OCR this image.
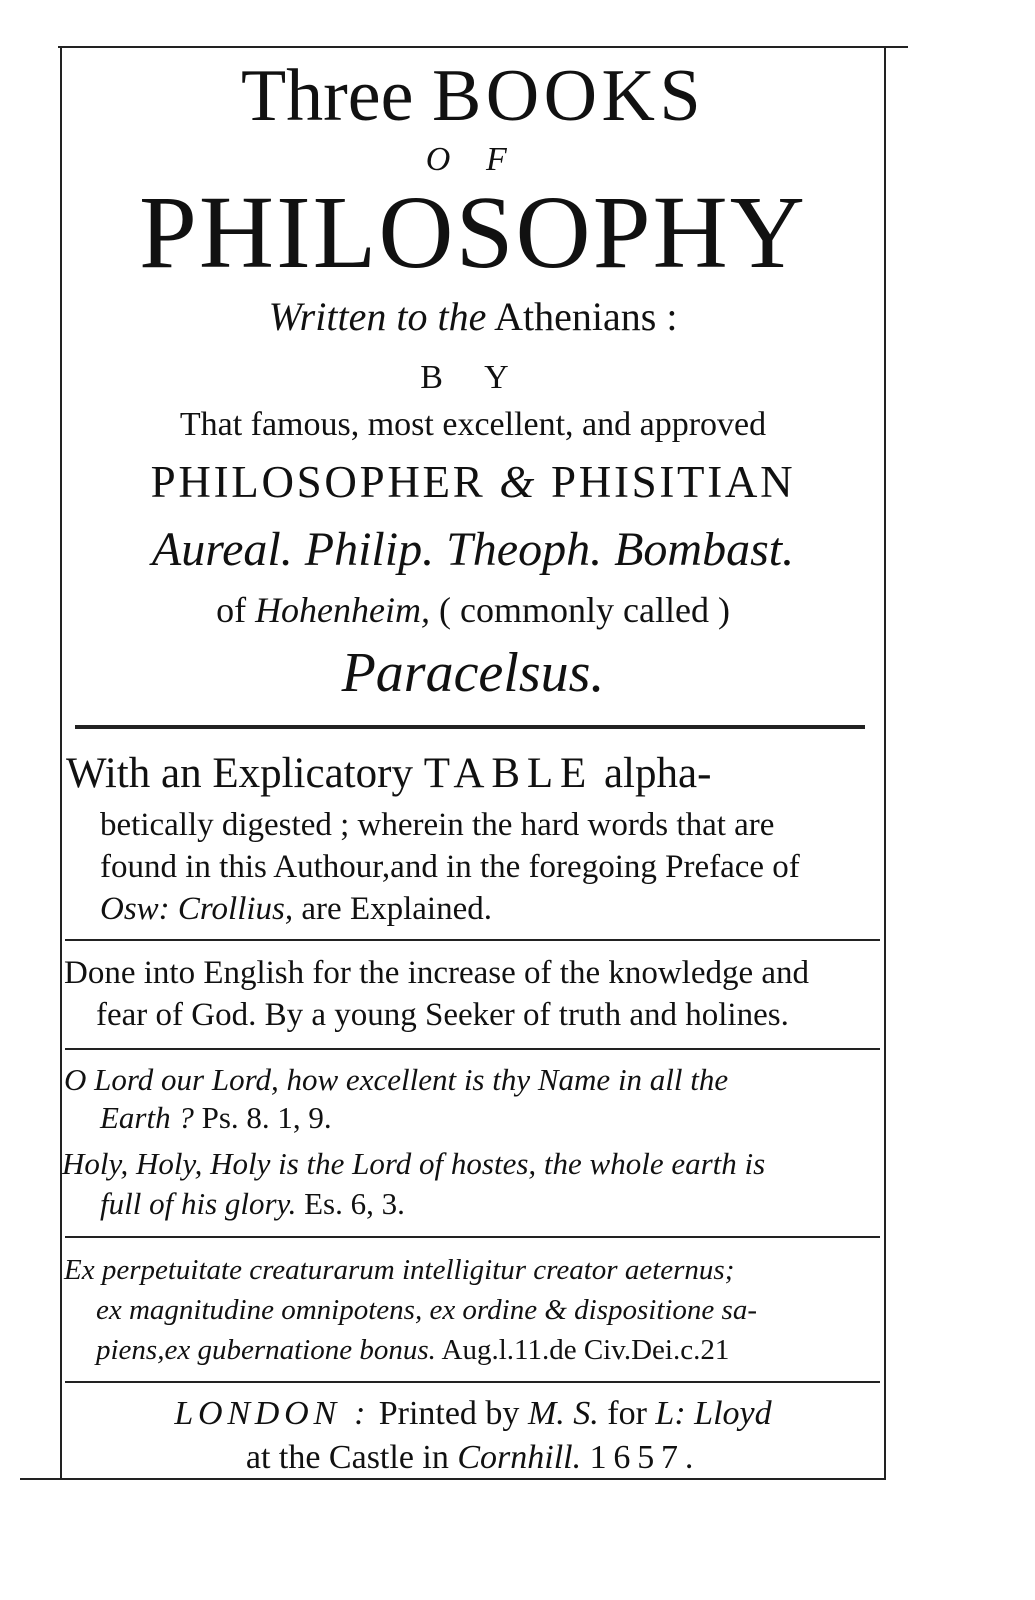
Three BOOKS
O F
PHILOSOPHY
Written to the Athenians :
B Y
That famous, most excellent, and approved
PHILOSOPHER & PHISITIAN
Aureal. Philip. Theoph. Bombast.
of Hohenheim, ( commonly called )
Paracelsus.
With an Explicatory TABLE alpha-
betically digested ; wherein the hard words that are
found in this Authour,and in the foregoing Preface of
Osw: Crollius, are Explained.
Done into English for the increase of the knowledge and
fear of God. By a young Seeker of truth and holines.
O Lord our Lord, how excellent is thy Name in all the
Earth ? Ps. 8. 1, 9.
Holy, Holy, Holy is the Lord of hostes, the whole earth is
full of his glory. Es. 6, 3.
Ex perpetuitate creaturarum intelligitur creator aeternus;
ex magnitudine omnipotens, ex ordine & dispositione sa-
piens,ex gubernatione bonus. Aug.l.11.de Civ.Dei.c.21
LONDON : Printed by M. S. for L: Lloyd
at the Castle in Cornhill. 1657.
